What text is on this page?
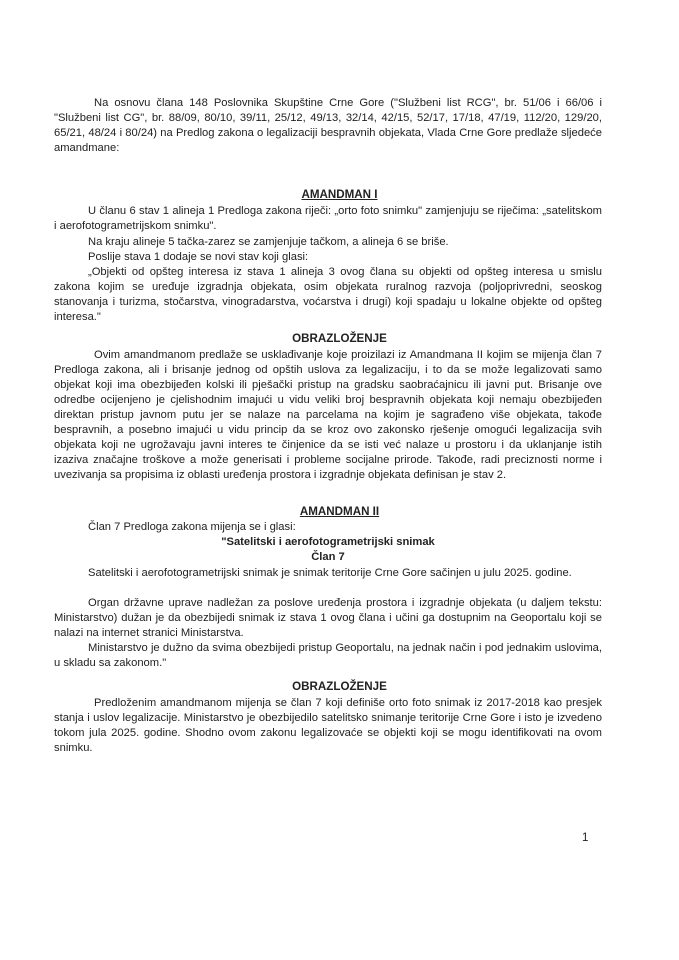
Na osnovu člana 148 Poslovnika Skupštine Crne Gore ("Službeni list RCG", br. 51/06 i 66/06 i "Službeni list CG", br. 88/09, 80/10, 39/11, 25/12, 49/13, 32/14, 42/15, 52/17, 17/18, 47/19, 112/20, 129/20, 65/21, 48/24 i 80/24) na Predlog zakona o legalizaciji bespravnih objekata, Vlada Crne Gore predlaže sljedeće amandmane:

AMANDMAN I

U članu 6 stav 1 alineja 1 Predloga zakona riječi: „orto foto snimku" zamjenjuju se riječima: „satelitskom i aerofotogrametrijskom snimku".

Na kraju alineje 5 tačka-zarez se zamjenjuje tačkom, a alineja 6 se briše.

Poslije stava 1 dodaje se novi stav koji glasi:

„Objekti od opšteg interesa iz stava 1 alineja 3 ovog člana su objekti od opšteg interesa u smislu zakona kojim se uređuje izgradnja objekata, osim objekata ruralnog razvoja (poljoprivredni, seoskog stanovanja i turizma, stočarstva, vinogradarstva, voćarstva i drugi) koji spadaju u lokalne objekte od opšteg interesa."

OBRAZLOŽENJE

Ovim amandmanom predlaže se usklađivanje koje proizilazi iz Amandmana II kojim se mijenja član 7 Predloga zakona, ali i brisanje jednog od opštih uslova za legalizaciju, i to da se može legalizovati samo objekat koji ima obezbijeđen kolski ili pješački pristup na gradsku saobraćajnicu ili javni put. Brisanje ove odredbe ocijenjeno je cjelishodnim imajući u vidu veliki broj bespravnih objekata koji nemaju obezbijeđen direktan pristup javnom putu jer se nalaze na parcelama na kojim je sagrađeno više objekata, takođe bespravnih, a posebno imajući u vidu princip da se kroz ovo zakonsko rješenje omogući legalizacija svih objekata koji ne ugrožavaju javni interes te činjenice da se isti već nalaze u prostoru i da uklanjanje istih izaziva značajne troškove a može generisati i probleme socijalne prirode. Takođe, radi preciznosti norme i uvezivanja sa propisima iz oblasti uređenja prostora i izgradnje objekata definisan je stav 2.

AMANDMAN II

Član 7 Predloga zakona mijenja se i glasi:

"Satelitski i aerofotogrametrijski snimak

Član 7

Satelitski i aerofotogrametrijski snimak je snimak teritorije Crne Gore sačinjen u julu 2025. godine.

Organ državne uprave nadležan za poslove uređenja prostora i izgradnje objekata (u daljem tekstu: Ministarstvo) dužan je da obezbijedi snimak iz stava 1 ovog člana i učini ga dostupnim na Geoportalu koji se nalazi na internet stranici Ministarstva.

Ministarstvo je dužno da svima obezbijedi pristup Geoportalu, na jednak način i pod jednakim uslovima, u skladu sa zakonom."

OBRAZLOŽENJE

Predloženim amandmanom mijenja se član 7 koji definiše orto foto snimak iz 2017-2018 kao presjek stanja i uslov legalizacije. Ministarstvo je obezbijedilo satelitsko snimanje teritorije Crne Gore i isto je izvedeno tokom jula 2025. godine. Shodno ovom zakonu legalizovaće se objekti koji se mogu identifikovati na ovom snimku.

1
